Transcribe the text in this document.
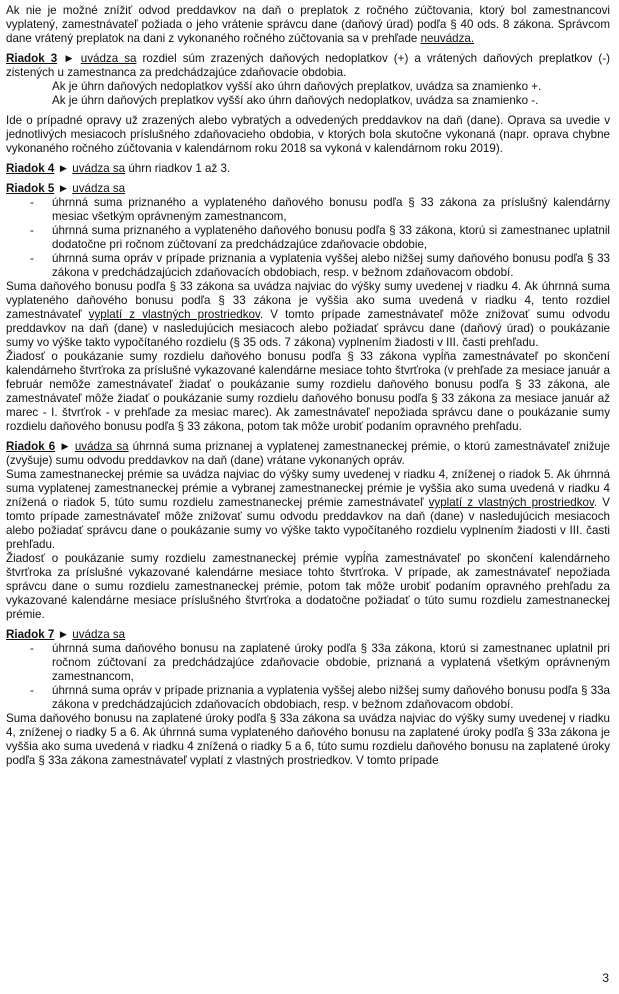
Ak nie je možné znížiť odvod preddavkov na daň o preplatok z ročného zúčtovania, ktorý bol zamestnancovi vyplatený, zamestnávateľ požiada o jeho vrátenie správcu dane (daňový úrad) podľa § 40 ods. 8 zákona. Správcom dane vrátený preplatok na dani z vykonaného ročného zúčtovania sa v prehľade neuvádza.

Riadok 3 ► uvádza sa rozdiel súm zrazených daňových nedoplatkov (+) a vrátených daňových preplatkov (-) zistených u zamestnanca za predchádzajúce zdaňovacie obdobia.

Ak je úhrn daňových nedoplatkov vyšší ako úhrn daňových preplatkov, uvádza sa znamienko +.

Ak je úhrn daňových preplatkov vyšší ako úhrn daňových nedoplatkov, uvádza sa znamienko -.

Ide o prípadné opravy už zrazených alebo vybratých a odvedených preddavkov na daň (dane). Oprava sa uvedie v jednotlivých mesiacoch príslušného zdaňovacieho obdobia, v ktorých bola skutočne vykonaná (napr. oprava chybne vykonaného ročného zúčtovania v kalendárnom roku 2018 sa vykoná v kalendárnom roku 2019).

Riadok 4 ► uvádza sa úhrn riadkov 1 až 3.

Riadok 5 ► uvádza sa

- úhrnná suma priznaného a vyplateného daňového bonusu podľa § 33 zákona za príslušný kalendárny mesiac všetkým oprávneným zamestnancom,
- úhrnná suma priznaného a vyplateného daňového bonusu podľa § 33 zákona, ktorú si zamestnanec uplatnil dodatočne pri ročnom zúčtovaní za predchádzajúce zdaňovacie obdobie,
- úhrnná suma opráv v prípade priznania a vyplatenia vyššej alebo nižšej sumy daňového bonusu podľa § 33 zákona v predchádzajúcich zdaňovacích obdobiach, resp. v bežnom zdaňovacom období.

Suma daňového bonusu podľa § 33 zákona sa uvádza najviac do výšky sumy uvedenej v riadku 4. Ak úhrnná suma vyplateného daňového bonusu podľa § 33 zákona je vyššia ako suma uvedená v riadku 4, tento rozdiel zamestnávateľ vyplatí z vlastných prostriedkov. V tomto prípade zamestnávateľ môže znižovať sumu odvodu preddavkov na daň (dane) v nasledujúcich mesiacoch alebo požiadať správcu dane (daňový úrad) o poukázanie sumy vo výške takto vypočítaného rozdielu (§ 35 ods. 7 zákona) vyplnením žiadosti v III. časti prehľadu.

Žiadosť o poukázanie sumy rozdielu daňového bonusu podľa § 33 zákona vypĺňa zamestnávateľ po skončení kalendárneho štvrťroka za príslušné vykazované kalendárne mesiace tohto štvrťroka (v prehľade za mesiace január a február nemôže zamestnávateľ žiadať o poukázanie sumy rozdielu daňového bonusu podľa § 33 zákona, ale zamestnávateľ môže žiadať o poukázanie sumy rozdielu daňového bonusu podľa § 33 zákona za mesiace január až marec - I. štvrťrok - v prehľade za mesiac marec). Ak zamestnávateľ nepožiada správcu dane o poukázanie sumy rozdielu daňového bonusu podľa § 33 zákona, potom tak môže urobiť podaním opravného prehľadu.

Riadok 6 ► uvádza sa úhrnná suma priznanej a vyplatenej zamestnaneckej prémie, o ktorú zamestnávateľ znižuje (zvyšuje) sumu odvodu preddavkov na daň (dane) vrátane vykonaných opráv.

Suma zamestnaneckej prémie sa uvádza najviac do výšky sumy uvedenej v riadku 4, zníženej o riadok 5. Ak úhrnná suma vyplatenej zamestnaneckej prémie a vybranej zamestnaneckej prémie je vyššia ako suma uvedená v riadku 4 znížená o riadok 5, túto sumu rozdielu zamestnaneckej prémie zamestnávateľ vyplatí z vlastných prostriedkov. V tomto prípade zamestnávateľ môže znižovať sumu odvodu preddavkov na daň (dane) v nasledujúcich mesiacoch alebo požiadať správcu dane o poukázanie sumy vo výške takto vypočítaného rozdielu vyplnením žiadosti v III. časti prehľadu.

Žiadosť o poukázanie sumy rozdielu zamestnaneckej prémie vypĺňa zamestnávateľ po skončení kalendárneho štvrťroka za príslušné vykazované kalendárne mesiace tohto štvrťroka. V prípade, ak zamestnávateľ nepožiada správcu dane o sumu rozdielu zamestnaneckej prémie, potom tak môže urobiť podaním opravného prehľadu za vykazované kalendárne mesiace príslušného štvrťroka a dodatočne požiadať o túto sumu rozdielu zamestnaneckej prémie.

Riadok 7 ► uvádza sa

- úhrnná suma daňového bonusu na zaplatené úroky podľa § 33a zákona, ktorú si zamestnanec uplatnil pri ročnom zúčtovaní za predchádzajúce zdaňovacie obdobie, priznaná a vyplatená všetkým oprávneným zamestnancom,
- úhrnná suma opráv v prípade priznania a vyplatenia vyššej alebo nižšej sumy daňového bonusu podľa § 33a zákona v predchádzajúcich zdaňovacích obdobiach, resp. v bežnom zdaňovacom období.

Suma daňového bonusu na zaplatené úroky podľa § 33a zákona sa uvádza najviac do výšky sumy uvedenej v riadku 4, zníženej o riadky 5 a 6. Ak úhrnná suma vyplateného daňového bonusu na zaplatené úroky podľa § 33a zákona je vyššia ako suma uvedená v riadku 4 znížená o riadky 5 a 6, túto sumu rozdielu daňového bonusu na zaplatené úroky podľa § 33a zákona zamestnávateľ vyplatí z vlastných prostriedkov. V tomto prípade

3
